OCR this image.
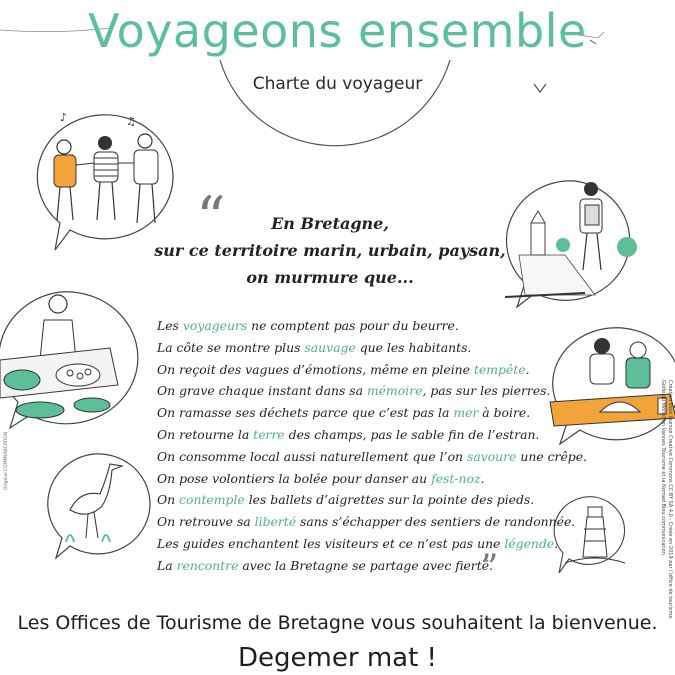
Voyageons ensemble
Charte du voyageur
♪	♫
“	En Bretagne,
sur ce territoire marin, urbain, paysan,
on murmure que...
Les voyageurs ne comptent pas pour du beurre.
La côte se montre plus sauvage que les habitants.
On reçoit des vagues d’émotions, même en pleine tempête.
On grave chaque instant dans sa mémoire, pas sur les pierres.
On ramasse ses déchets parce que c’est pas la mer à boire.
On retourne la terre des champs, pas le sable fin de l’estran.
On consomme local aussi naturellement que l’on savoure une crêpe.
On pose volontiers la bolée pour danser au fest-noz.
On contemple les ballets d’aigrettes sur la pointe des pieds.
On retrouve sa liberté sans s’échapper des sentiers de randonnée.
Les guides enchantent les visiteurs et ce n’est pas une légende.
La rencontre avec la Bretagne se partage avec fierté.
”
Les Offices de Tourisme de Bretagne vous souhaitent la bienvenue.
Degemer mat !
Création sous licence Creative Commons CC BY SA 4.0 - Créée en 2019 par l’office de tourisme
Golfe du Morbihan Vannes Tourisme et la Nomad Bleu communication
Original COMMUNICATION
